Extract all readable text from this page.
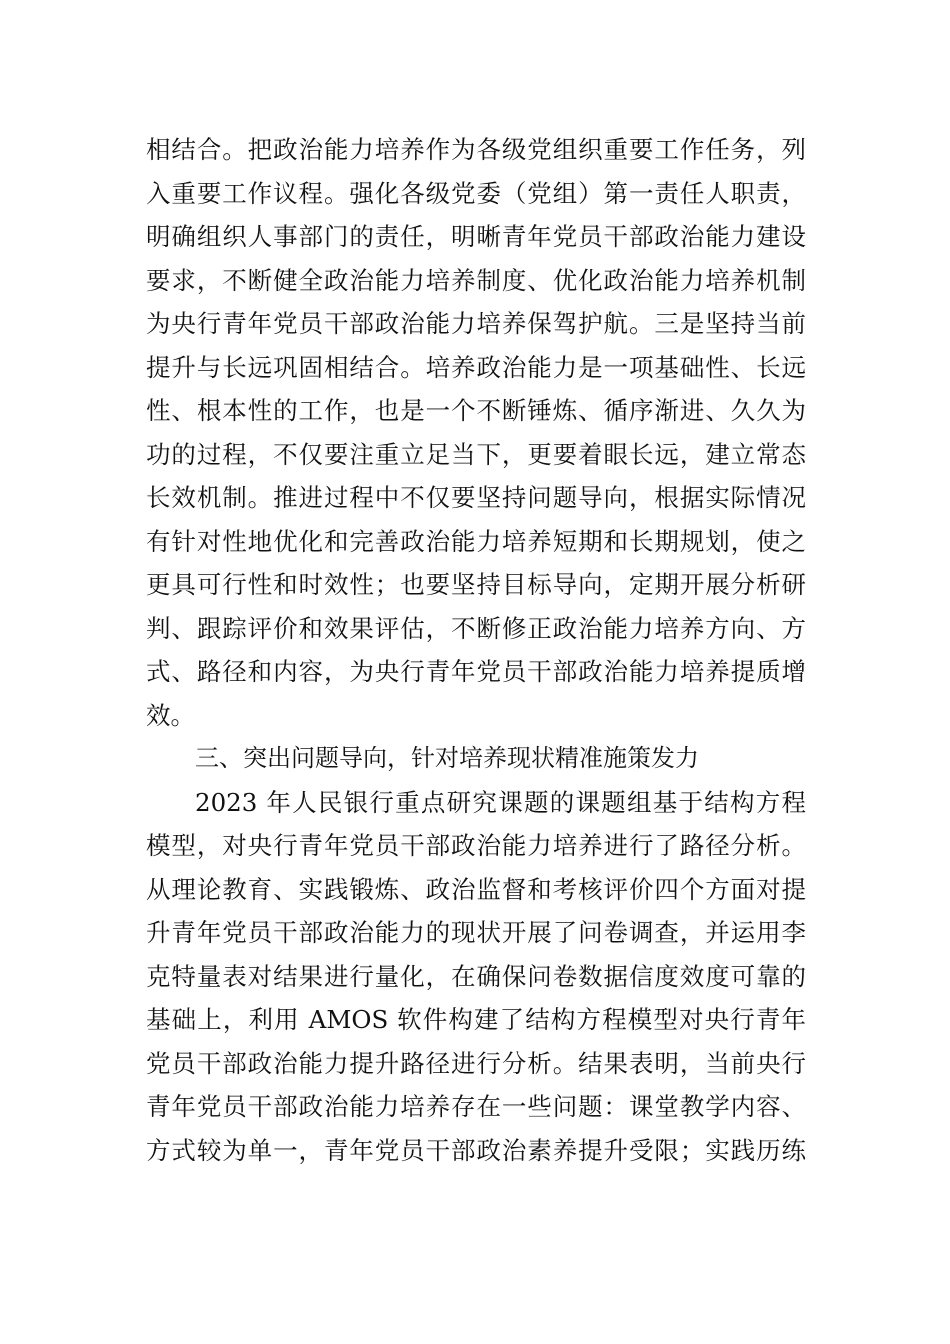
相结合。把政治能力培养作为各级党组织重要工作任务，列
入重要工作议程。强化各级党委（党组）第一责任人职责，
明确组织人事部门的责任，明晰青年党员干部政治能力建设
要求，不断健全政治能力培养制度、优化政治能力培养机制
为央行青年党员干部政治能力培养保驾护航。三是坚持当前
提升与长远巩固相结合。培养政治能力是一项基础性、长远
性、根本性的工作，也是一个不断锤炼、循序渐进、久久为
功的过程，不仅要注重立足当下，更要着眼长远，建立常态
长效机制。推进过程中不仅要坚持问题导向，根据实际情况
有针对性地优化和完善政治能力培养短期和长期规划，使之
更具可行性和时效性；也要坚持目标导向，定期开展分析研
判、跟踪评价和效果评估，不断修正政治能力培养方向、方
式、路径和内容，为央行青年党员干部政治能力培养提质增
效。
三、突出问题导向，针对培养现状精准施策发力
2023 年人民银行重点研究课题的课题组基于结构方程
模型，对央行青年党员干部政治能力培养进行了路径分析。
从理论教育、实践锻炼、政治监督和考核评价四个方面对提
升青年党员干部政治能力的现状开展了问卷调查，并运用李
克特量表对结果进行量化，在确保问卷数据信度效度可靠的
基础上，利用 AMOS 软件构建了结构方程模型对央行青年
党员干部政治能力提升路径进行分析。结果表明，当前央行
青年党员干部政治能力培养存在一些问题：课堂教学内容、
方式较为单一，青年党员干部政治素养提升受限；实践历练
